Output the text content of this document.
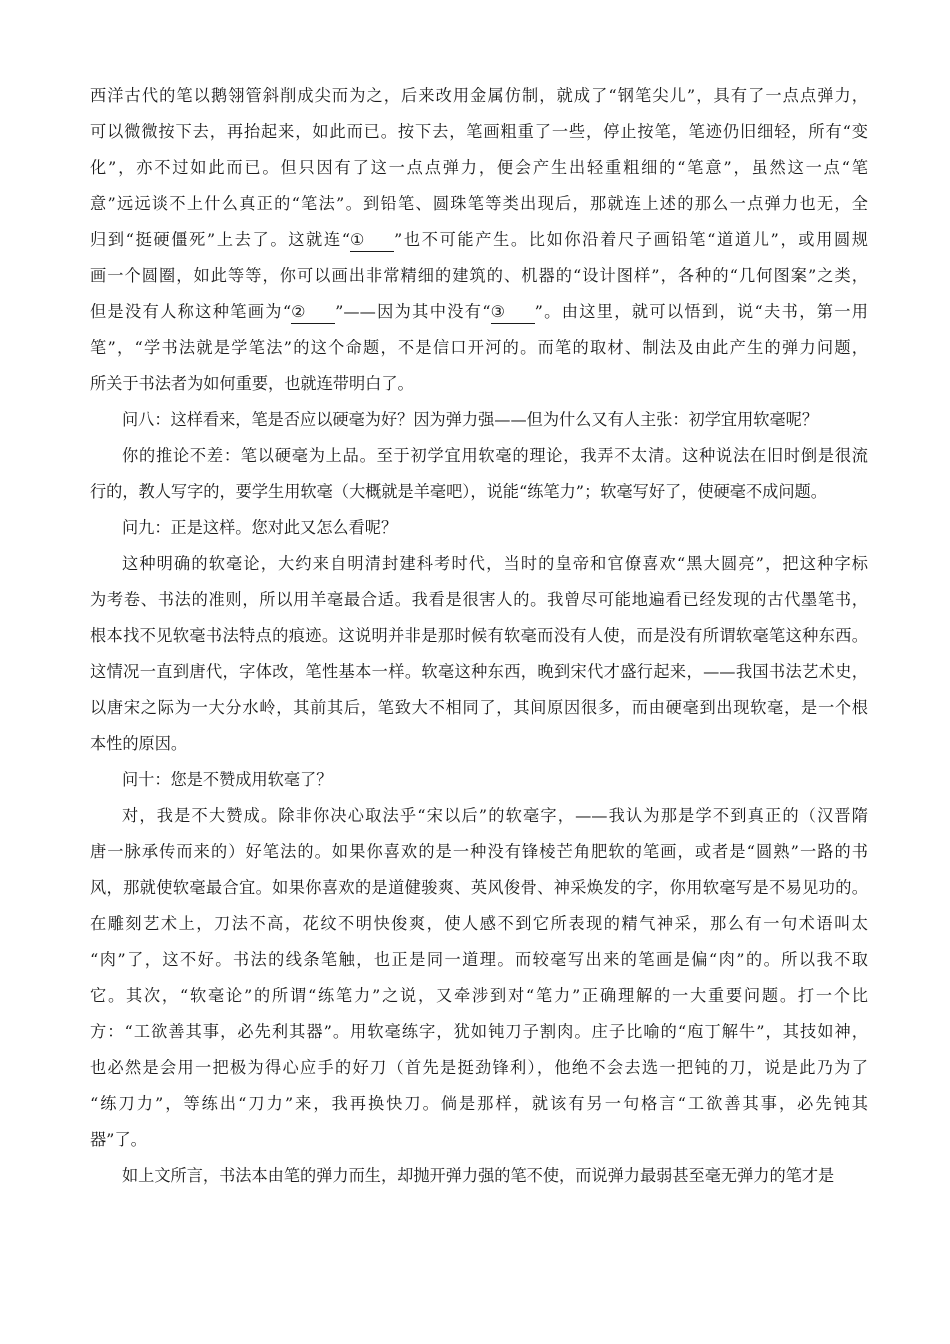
西洋古代的笔以鹅翎管斜削成尖而为之，后来改用金属仿制，就成了“钢笔尖儿”，具有了一点点弹力，
可以微微按下去，再抬起来，如此而已。按下去，笔画粗重了一些，停止按笔，笔迹仍旧细轻，所有“变
化”，亦不过如此而已。但只因有了这一点点弹力，便会产生出轻重粗细的“笔意”，虽然这一点“笔
意”远远谈不上什么真正的“笔法”。到铅笔、圆珠笔等类出现后，那就连上述的那么一点弹力也无，全
归到“挺硬僵死”上去了。这就连“① ”也不可能产生。比如你沿着尺子画铅笔“道道儿”，或用圆规
画一个圆圈，如此等等，你可以画出非常精细的建筑的、机器的“设计图样”，各种的“几何图案”之类，
但是没有人称这种笔画为“② ”——因为其中没有“③ ”。由这里，就可以悟到，说“夫书，第一用
笔”，“学书法就是学笔法”的这个命题，不是信口开河的。而笔的取材、制法及由此产生的弹力问题，
所关于书法者为如何重要，也就连带明白了。
问八：这样看来，笔是否应以硬毫为好？因为弹力强——但为什么又有人主张：初学宜用软毫呢？
你的推论不差：笔以硬毫为上品。至于初学宜用软毫的理论，我弄不太清。这种说法在旧时倒是很流
行的，教人写字的，要学生用软毫（大概就是羊毫吧），说能“练笔力”；软毫写好了，使硬毫不成问题。
问九：正是这样。您对此又怎么看呢？
这种明确的软毫论，大约来自明清封建科考时代，当时的皇帝和官僚喜欢“黑大圆亮”，把这种字标
为考卷、书法的准则，所以用羊毫最合适。我看是很害人的。我曾尽可能地遍看已经发现的古代墨笔书，
根本找不见软毫书法特点的痕迹。这说明并非是那时候有软毫而没有人使，而是没有所谓软毫笔这种东西。
这情况一直到唐代，字体改，笔性基本一样。软毫这种东西，晚到宋代才盛行起来，——我国书法艺术史，
以唐宋之际为一大分水岭，其前其后，笔致大不相同了，其间原因很多，而由硬毫到出现软毫，是一个根
本性的原因。
问十：您是不赞成用软毫了？
对，我是不大赞成。除非你决心取法乎“宋以后”的软毫字，——我认为那是学不到真正的（汉晋隋
唐一脉承传而来的）好笔法的。如果你喜欢的是一种没有锋棱芒角肥软的笔画，或者是“圆熟”一路的书
风，那就使软毫最合宜。如果你喜欢的是道健骏爽、英风俊骨、神采焕发的字，你用软毫写是不易见功的。
在雕刻艺术上，刀法不高，花纹不明快俊爽，使人感不到它所表现的精气神采，那么有一句术语叫太
“肉”了，这不好。书法的线条笔触，也正是同一道理。而较毫写出来的笔画是偏“肉”的。所以我不取
它。其次，“软毫论”的所谓“练笔力”之说，又牵涉到对“笔力”正确理解的一大重要问题。打一个比
方：“工欲善其事，必先利其器”。用软毫练字，犹如钝刀子割肉。庄子比喻的“庖丁解牛”，其技如神，
也必然是会用一把极为得心应手的好刀（首先是挺劲锋利），他绝不会去选一把钝的刀，说是此乃为了
“练刀力”，等练出“刀力”来，我再换快刀。倘是那样，就该有另一句格言“工欲善其事，必先钝其
器”了。
如上文所言，书法本由笔的弹力而生，却抛开弹力强的笔不使，而说弹力最弱甚至毫无弹力的笔才是
